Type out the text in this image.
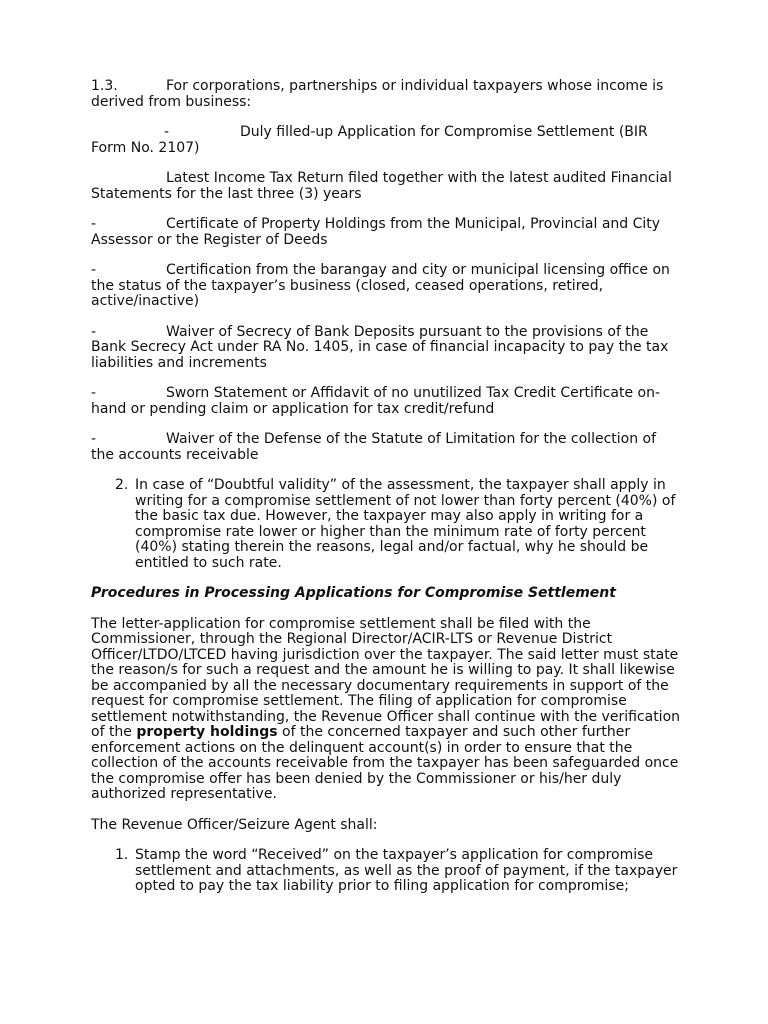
1.3.	For corporations, partnerships or individual taxpayers whose income is derived from business:

-	Duly filled-up Application for Compromise Settlement (BIR Form No. 2107)

Latest Income Tax Return filed together with the latest audited Financial Statements for the last three (3) years

-	Certificate of Property Holdings from the Municipal, Provincial and City Assessor or the Register of Deeds

-	Certification from the barangay and city or municipal licensing office on the status of the taxpayer’s business (closed, ceased operations, retired, active/inactive)

-	Waiver of Secrecy of Bank Deposits pursuant to the provisions of the Bank Secrecy Act under RA No. 1405, in case of financial incapacity to pay the tax liabilities and increments

-	Sworn Statement or Affidavit of no unutilized Tax Credit Certificate on-hand or pending claim or application for tax credit/refund

-	Waiver of the Defense of the Statute of Limitation for the collection of the accounts receivable

2. In case of “Doubtful validity” of the assessment, the taxpayer shall apply in writing for a compromise settlement of not lower than forty percent (40%) of the basic tax due. However, the taxpayer may also apply in writing for a compromise rate lower or higher than the minimum rate of forty percent (40%) stating therein the reasons, legal and/or factual, why he should be entitled to such rate.

Procedures in Processing Applications for Compromise Settlement

The letter-application for compromise settlement shall be filed with the Commissioner, through the Regional Director/ACIR-LTS or Revenue District Officer/LTDO/LTCED having jurisdiction over the taxpayer. The said letter must state the reason/s for such a request and the amount he is willing to pay. It shall likewise be accompanied by all the necessary documentary requirements in support of the request for compromise settlement. The filing of application for compromise settlement notwithstanding, the Revenue Officer shall continue with the verification of the property holdings of the concerned taxpayer and such other further enforcement actions on the delinquent account(s) in order to ensure that the collection of the accounts receivable from the taxpayer has been safeguarded once the compromise offer has been denied by the Commissioner or his/her duly authorized representative.

The Revenue Officer/Seizure Agent shall:

1. Stamp the word “Received” on the taxpayer’s application for compromise settlement and attachments, as well as the proof of payment, if the taxpayer opted to pay the tax liability prior to filing application for compromise;
